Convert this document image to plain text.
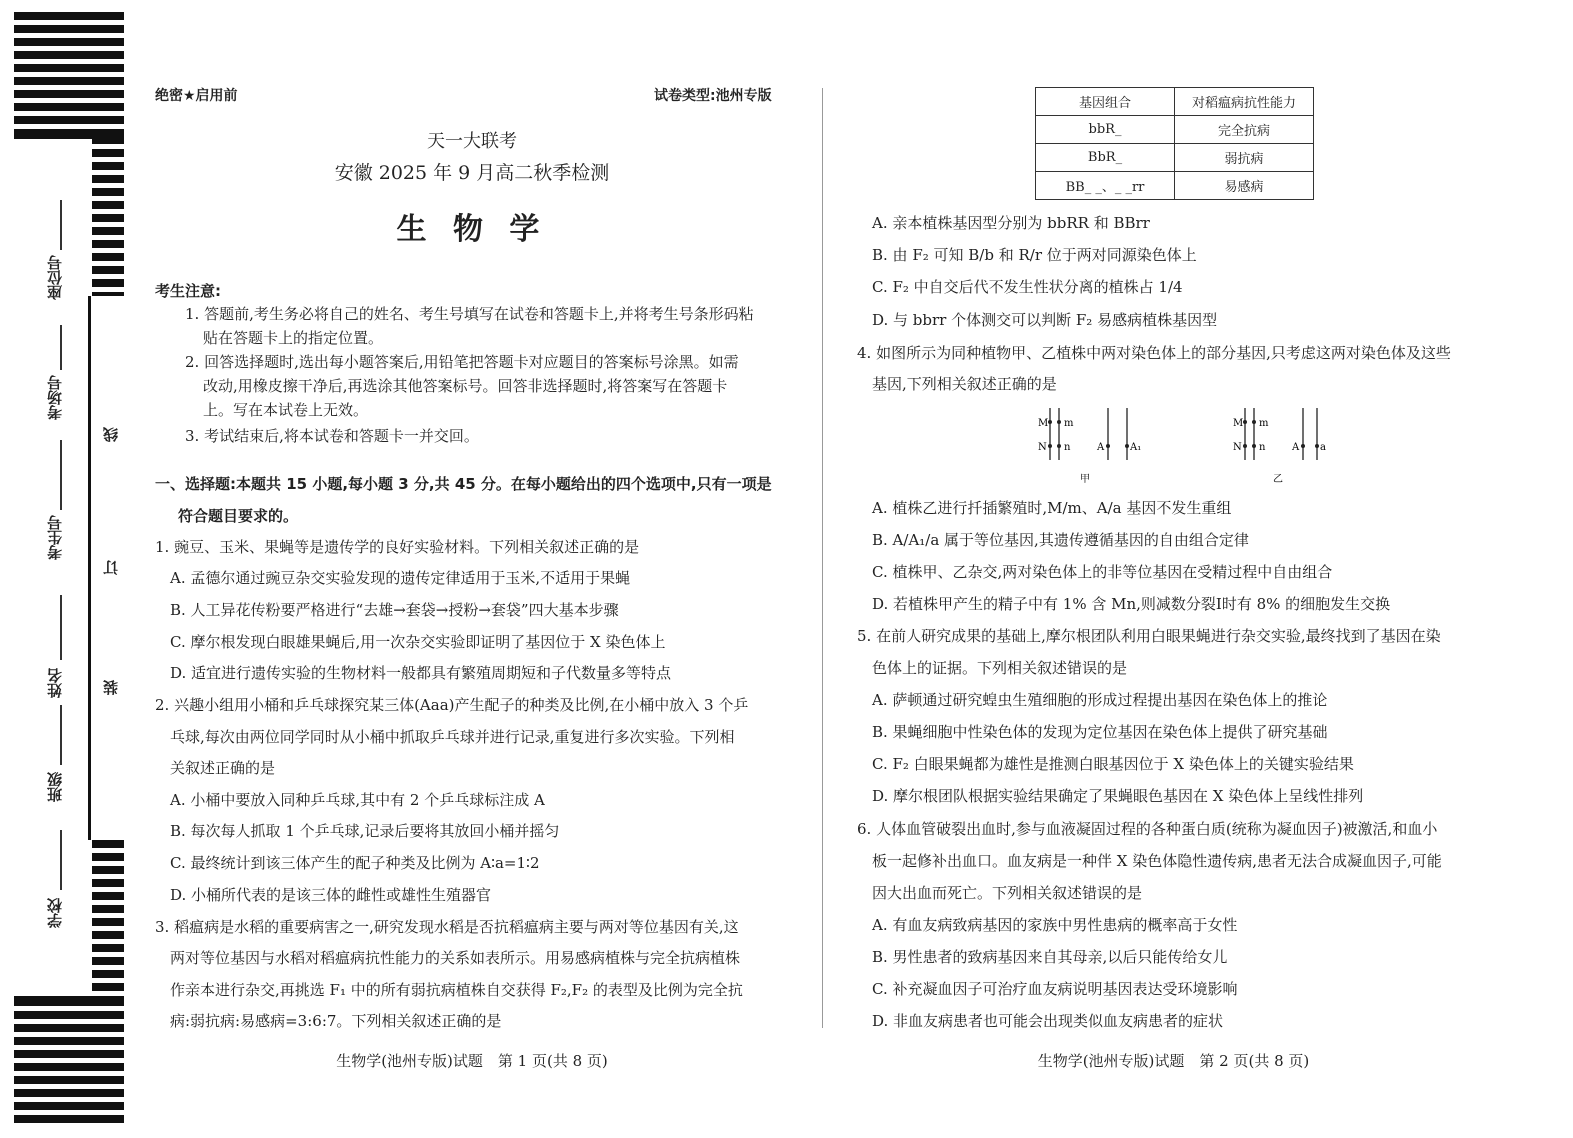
座位号
考场号
考生号
姓名
班级
学校
线
订
装
绝密★启用前	试卷类型:池州专版
天一大联考
安徽 2025 年 9 月高二秋季检测
生 物 学
考生注意:
1. 答题前,考生务必将自己的姓名、考生号填写在试卷和答题卡上,并将考生号条形码粘
贴在答题卡上的指定位置。
2. 回答选择题时,选出每小题答案后,用铅笔把答题卡对应题目的答案标号涂黑。如需
改动,用橡皮擦干净后,再选涂其他答案标号。回答非选择题时,将答案写在答题卡
上。写在本试卷上无效。
3. 考试结束后,将本试卷和答题卡一并交回。
一、选择题:本题共 15 小题,每小题 3 分,共 45 分。在每小题给出的四个选项中,只有一项是
符合题目要求的。
1. 豌豆、玉米、果蝇等是遗传学的良好实验材料。下列相关叙述正确的是
A. 孟德尔通过豌豆杂交实验发现的遗传定律适用于玉米,不适用于果蝇
B. 人工异花传粉要严格进行“去雄→套袋→授粉→套袋”四大基本步骤
C. 摩尔根发现白眼雄果蝇后,用一次杂交实验即证明了基因位于 X 染色体上
D. 适宜进行遗传实验的生物材料一般都具有繁殖周期短和子代数量多等特点
2. 兴趣小组用小桶和乒乓球探究某三体(Aaa)产生配子的种类及比例,在小桶中放入 3 个乒
乓球,每次由两位同学同时从小桶中抓取乒乓球并进行记录,重复进行多次实验。下列相
关叙述正确的是
A. 小桶中要放入同种乒乓球,其中有 2 个乒乓球标注成 A
B. 每次每人抓取 1 个乒乓球,记录后要将其放回小桶并摇匀
C. 最终统计到该三体产生的配子种类及比例为 A∶a=1∶2
D. 小桶所代表的是该三体的雌性或雄性生殖器官
3. 稻瘟病是水稻的重要病害之一,研究发现水稻是否抗稻瘟病主要与两对等位基因有关,这
两对等位基因与水稻对稻瘟病抗性能力的关系如表所示。用易感病植株与完全抗病植株
作亲本进行杂交,再挑选 F₁ 中的所有弱抗病植株自交获得 F₂,F₂ 的表型及比例为完全抗
病:弱抗病:易感病=3:6:7。下列相关叙述正确的是
基因组合	对稻瘟病抗性能力
bbR_	完全抗病
BbR_	弱抗病
BB_ _、_ _rr	易感病
A. 亲本植株基因型分别为 bbRR 和 BBrr
B. 由 F₂ 可知 B/b 和 R/r 位于两对同源染色体上
C. F₂ 中自交后代不发生性状分离的植株占 1/4
D. 与 bbrr 个体测交可以判断 F₂ 易感病植株基因型
4. 如图所示为同种植物甲、乙植株中两对染色体上的部分基因,只考虑这两对染色体及这些
基因,下列相关叙述正确的是
M m
N n	A	A₁
甲
M m
N n	A a
乙
A. 植株乙进行扦插繁殖时,M/m、A/a 基因不发生重组
B. A/A₁/a 属于等位基因,其遗传遵循基因的自由组合定律
C. 植株甲、乙杂交,两对染色体上的非等位基因在受精过程中自由组合
D. 若植株甲产生的精子中有 1% 含 Mn,则减数分裂Ⅰ时有 8% 的细胞发生交换
5. 在前人研究成果的基础上,摩尔根团队利用白眼果蝇进行杂交实验,最终找到了基因在染
色体上的证据。下列相关叙述错误的是
A. 萨顿通过研究蝗虫生殖细胞的形成过程提出基因在染色体上的推论
B. 果蝇细胞中性染色体的发现为定位基因在染色体上提供了研究基础
C. F₂ 白眼果蝇都为雄性是推测白眼基因位于 X 染色体上的关键实验结果
D. 摩尔根团队根据实验结果确定了果蝇眼色基因在 X 染色体上呈线性排列
6. 人体血管破裂出血时,参与血液凝固过程的各种蛋白质(统称为凝血因子)被激活,和血小
板一起修补出血口。血友病是一种伴 X 染色体隐性遗传病,患者无法合成凝血因子,可能
因大出血而死亡。下列相关叙述错误的是
A. 有血友病致病基因的家族中男性患病的概率高于女性
B. 男性患者的致病基因来自其母亲,以后只能传给女儿
C. 补充凝血因子可治疗血友病说明基因表达受环境影响
D. 非血友病患者也可能会出现类似血友病患者的症状
生物学(池州专版)试题　第 1 页(共 8 页)	生物学(池州专版)试题　第 2 页(共 8 页)
